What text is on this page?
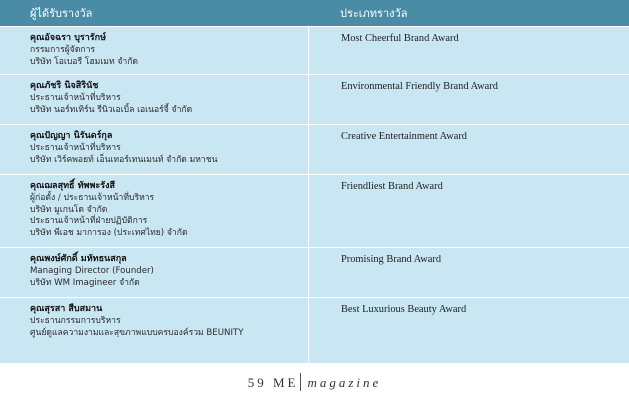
ผู้ได้รับรางวัล	ประเภทรางวัล
คุณอัจฉรา บุรารักษ์
กรรมการผู้จัดการ
บริษัท โอเบอรี โฮมเมท จำกัด
Most Cheerful Brand Award
คุณภัชริ นิจสิรินัช
ประธานเจ้าหน้าที่บริหาร
บริษัท นอร์ทเทิร์น รีนิวเอเบิ้ล เอเนอร์จี้ จำกัด
Environmental Friendly Brand Award
คุณปัญญา นิรันดร์กุล
ประธานเจ้าหน้าที่บริหาร
บริษัท เวิร์คพอยท์ เอ็นเทอร์เทนเมนท์ จำกัด มหาชน
Creative Entertainment Award
คุณฌลสุทธิ์ ทัพพะรังสี
ผู้ก่อตั้ง / ประธานเจ้าหน้าที่บริหาร
บริษัท มูเกนโด จำกัด
ประธานเจ้าหน้าที่ฝ่ายปฏิบัติการ
บริษัท พีเอช มาการอง (ประเทศไทย) จำกัด
Friendliest Brand Award
คุณพงษ์ศักดิ์ มหัทธนสกุล
Managing Director (Founder)
บริษัท WM Imagineer จำกัด
Promising Brand Award
คุณสุรสา สืบสมาน
ประธานกรรมการบริหาร
ศูนย์ดูแลความงามและสุขภาพแบบครบองค์รวม BEUNITY
Best Luxurious Beauty Award
59 ME magazine
